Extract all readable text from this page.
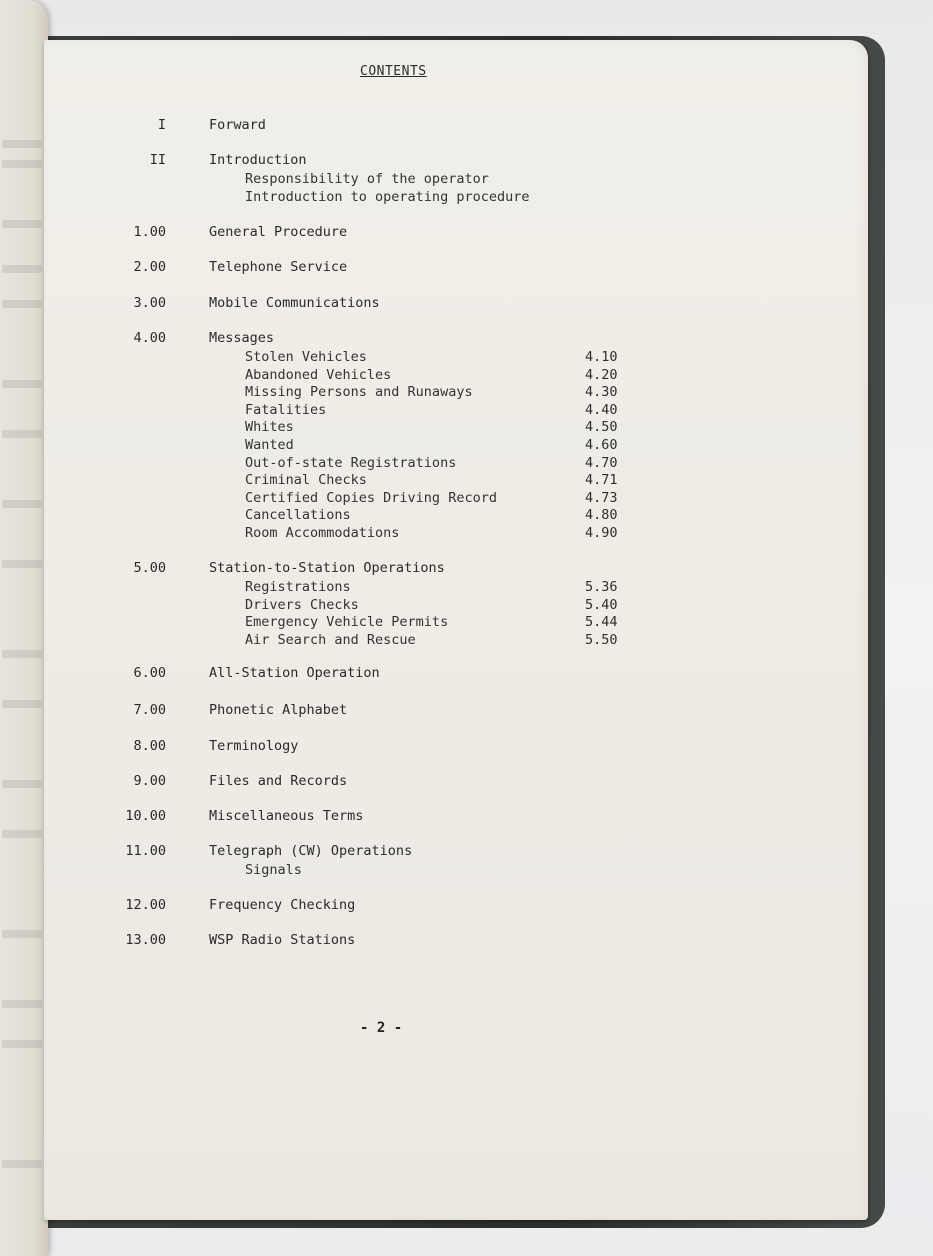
CONTENTS
I	Forward
II	Introduction
Responsibility of the operator
Introduction to operating procedure
1.00	General Procedure
2.00	Telephone Service
3.00	Mobile Communications
4.00	Messages
Stolen Vehicles	4.10
Abandoned Vehicles	4.20
Missing Persons and Runaways	4.30
Fatalities	4.40
Whites	4.50
Wanted	4.60
Out-of-state Registrations	4.70
Criminal Checks	4.71
Certified Copies Driving Record	4.73
Cancellations	4.80
Room Accommodations	4.90
5.00	Station-to-Station Operations
Registrations	5.36
Drivers Checks	5.40
Emergency Vehicle Permits	5.44
Air Search and Rescue	5.50
6.00	All-Station Operation
7.00	Phonetic Alphabet
8.00	Terminology
9.00	Files and Records
10.00	Miscellaneous Terms
11.00	Telegraph (CW) Operations
Signals
12.00	Frequency Checking
13.00	WSP Radio Stations
- 2 -
